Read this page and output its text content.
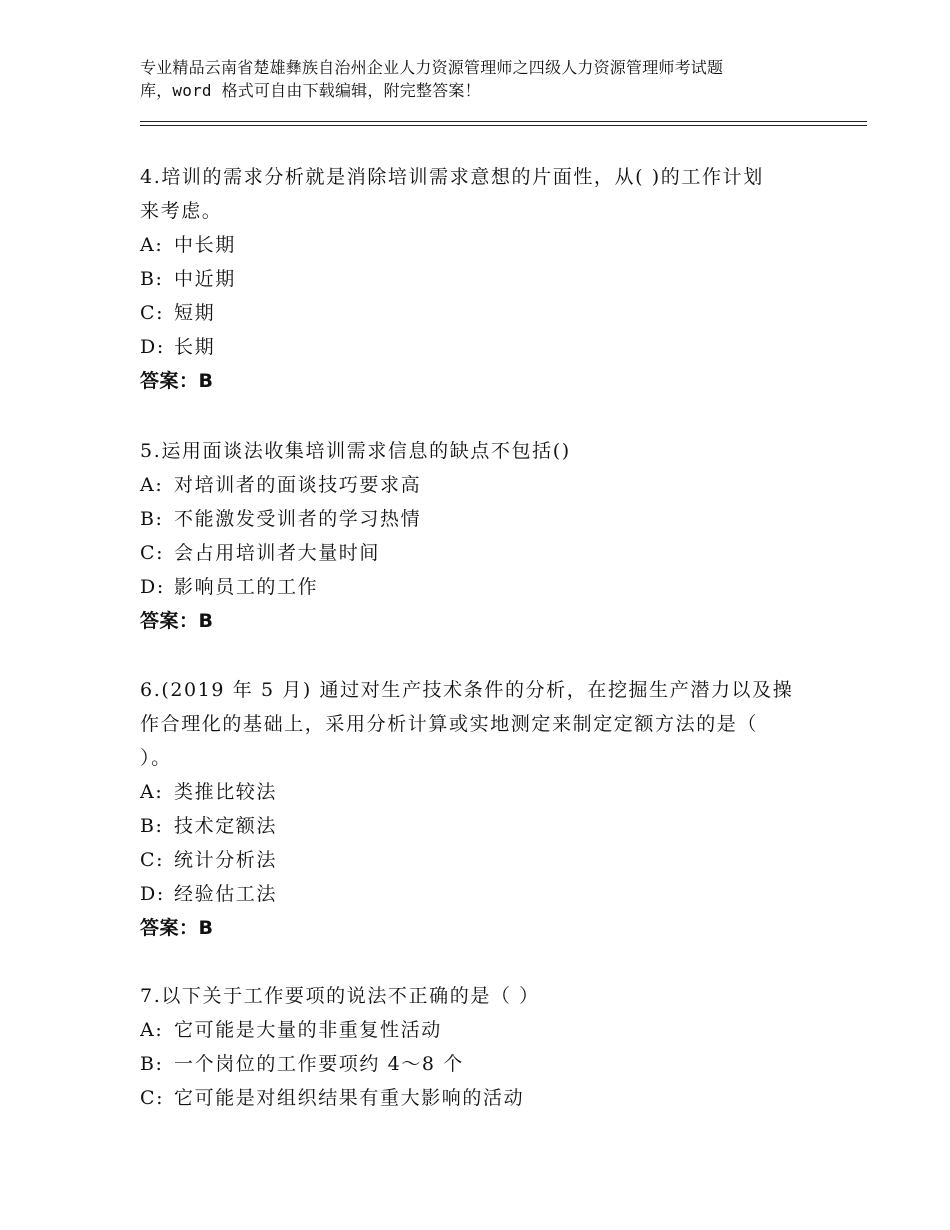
专业精品云南省楚雄彝族自治州企业人力资源管理师之四级人力资源管理师考试题
库，word 格式可自由下载编辑，附完整答案！
4.培训的需求分析就是消除培训需求意想的片面性，从( )的工作计划
来考虑。
A: 中长期
B: 中近期
C: 短期
D: 长期
答案：B
5.运用面谈法收集培训需求信息的缺点不包括()
A: 对培训者的面谈技巧要求高
B: 不能激发受训者的学习热情
C: 会占用培训者大量时间
D: 影响员工的工作
答案：B
6.(2019 年 5 月) 通过对生产技术条件的分析，在挖掘生产潜力以及操
作合理化的基础上，采用分析计算或实地测定来制定定额方法的是（
）。
A: 类推比较法
B: 技术定额法
C: 统计分析法
D: 经验估工法
答案：B
7.以下关于工作要项的说法不正确的是（ ）
A: 它可能是大量的非重复性活动
B: 一个岗位的工作要项约 4～8 个
C: 它可能是对组织结果有重大影响的活动
